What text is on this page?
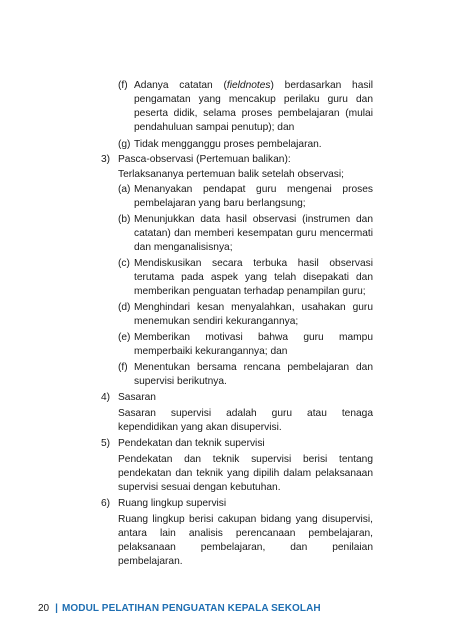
(f) Adanya catatan (fieldnotes) berdasarkan hasil
pengamatan yang mencakup perilaku guru dan
peserta didik, selama proses pembelajaran (mulai
pendahuluan sampai penutup); dan
(g) Tidak mengganggu proses pembelajaran.
3) Pasca-observasi (Pertemuan balikan):
Terlaksananya pertemuan balik setelah observasi;
(a) Menanyakan pendapat guru mengenai proses
pembelajaran yang baru berlangsung;
(b) Menunjukkan data hasil observasi (instrumen dan
catatan) dan memberi kesempatan guru mencermati
dan menganalisisnya;
(c) Mendiskusikan secara terbuka hasil observasi
terutama pada aspek yang telah disepakati dan
memberikan penguatan terhadap penampilan guru;
(d) Menghindari kesan menyalahkan, usahakan guru
menemukan sendiri kekurangannya;
(e) Memberikan motivasi bahwa guru mampu
memperbaiki kekurangannya; dan
(f) Menentukan bersama rencana pembelajaran dan
supervisi berikutnya.
4) Sasaran
Sasaran supervisi adalah guru atau tenaga
kependidikan yang akan disupervisi.
5) Pendekatan dan teknik supervisi
Pendekatan dan teknik supervisi berisi tentang
pendekatan dan teknik yang dipilih dalam pelaksanaan
supervisi sesuai dengan kebutuhan.
6) Ruang lingkup supervisi
Ruang lingkup berisi cakupan bidang yang disupervisi,
antara lain analisis perencanaan pembelajaran,
pelaksanaan pembelajaran, dan penilaian
pembelajaran.
20 | MODUL PELATIHAN PENGUATAN KEPALA SEKOLAH
